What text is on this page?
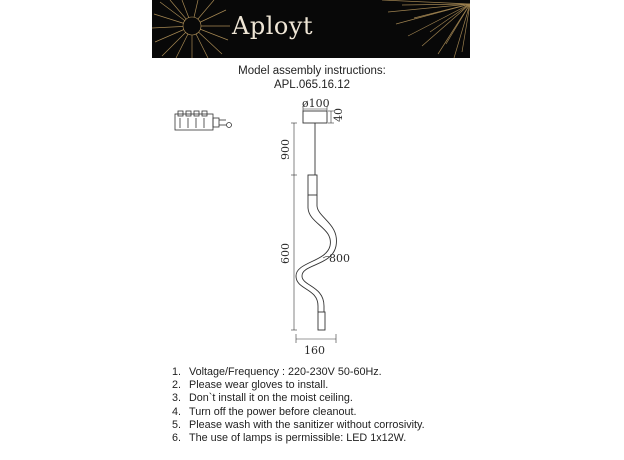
Aployt
Model assembly instructions:
APL.065.16.12
ø100
40
900
600	800
160
1. Voltage/Frequency : 220-230V 50-60Hz.
2. Please wear gloves to install.
3. Don`t install it on the moist ceiling.
4. Turn off the power before cleanout.
5. Please wash with the sanitizer without corrosivity.
6. The use of lamps is permissible: LED 1x12W.
